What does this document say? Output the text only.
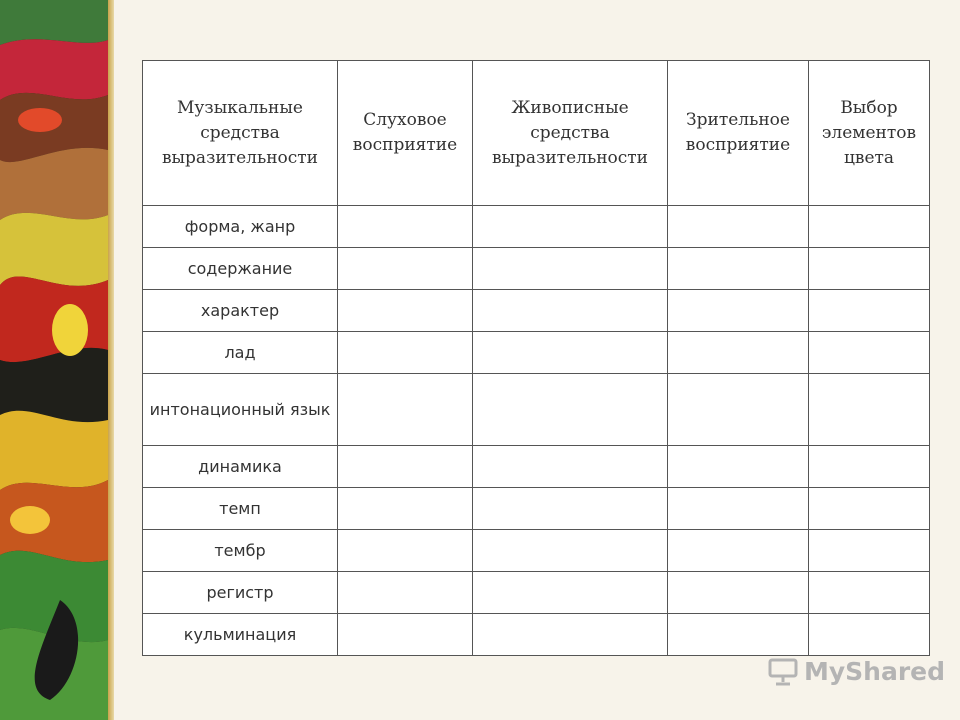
Музыкальные средства выразительности	Слуховое восприятие	Живописные средства выразительности	Зрительное восприятие	Выбор элементов цвета
форма, жанр				
содержание				
характер				
лад				
интонационный язык				
динамика				
темп				
тембр				
регистр				
кульминация				
MyShared
